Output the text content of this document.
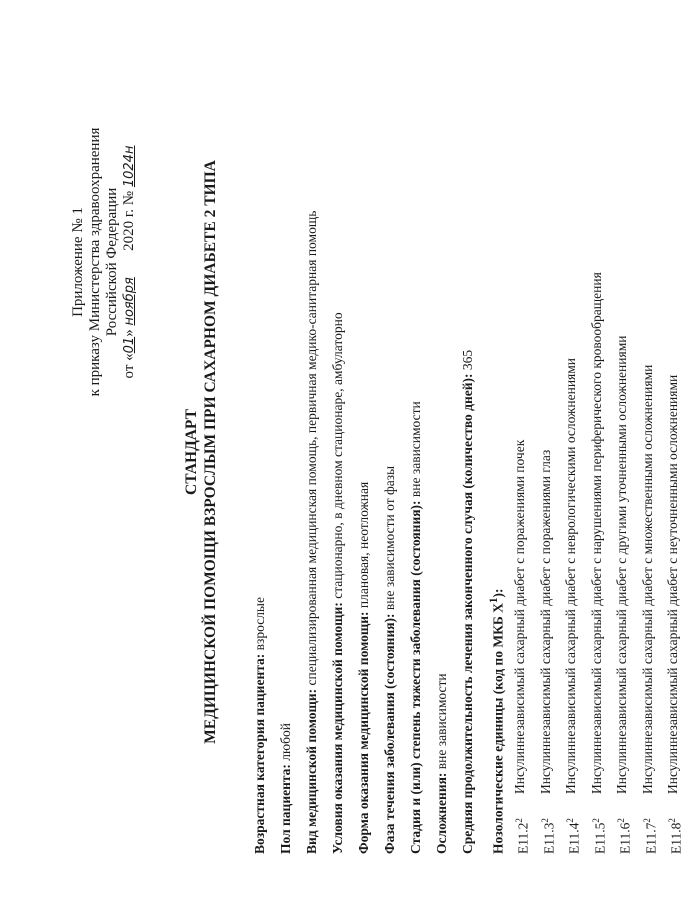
Приложение № 1 к приказу Министерства здравоохранения Российской Федерации
от «01» ноября       2020 г. № 1024н
СТАНДАРТ МЕДИЦИНСКОЙ ПОМОЩИ ВЗРОСЛЫМ ПРИ САХАРНОМ ДИАБЕТЕ 2 ТИПА
Возрастная категория пациента: взрослые
Пол пациента: любой Вид медицинской помощи: специализированная медицинская помощь, первичная медико-санитарная помощь
Условия оказания медицинской помощи: стационарно, в дневном стационаре, амбулаторно
Форма оказания медицинской помощи: плановая, неотложная
Фаза течения заболевания (состояния): вне зависимости от фазы Стадия и (или) степень тяжести заболевания (состояния): вне зависимости
Осложнения: вне зависимости Средняя продолжительность лечения законченного случая (количество дней): 365
Нозологические единицы (код по МКБ $X^1$):
E11.2$^2$
Инсулиннезависимый сахарный диабет с поражениями почек
E11.3$^2$
Инсулиннезависимый сахарный диабет с поражениями глаз
E11.4$^2$
Инсулиннезависимый сахарный диабет с неврологическими осложнениями
E11.5$^2$
Инсулиннезависимый сахарный диабет с нарушениями периферического кровообращения
E11.6$^2$
Инсулиннезависимый сахарный диабет с другими уточненными осложнениями
E11.7$^2$
Инсулиннезависимый сахарный диабет с множественными осложнениями
E11.8$^2$
Инсулиннезависимый сахарный диабет с неуточненными осложнениями
